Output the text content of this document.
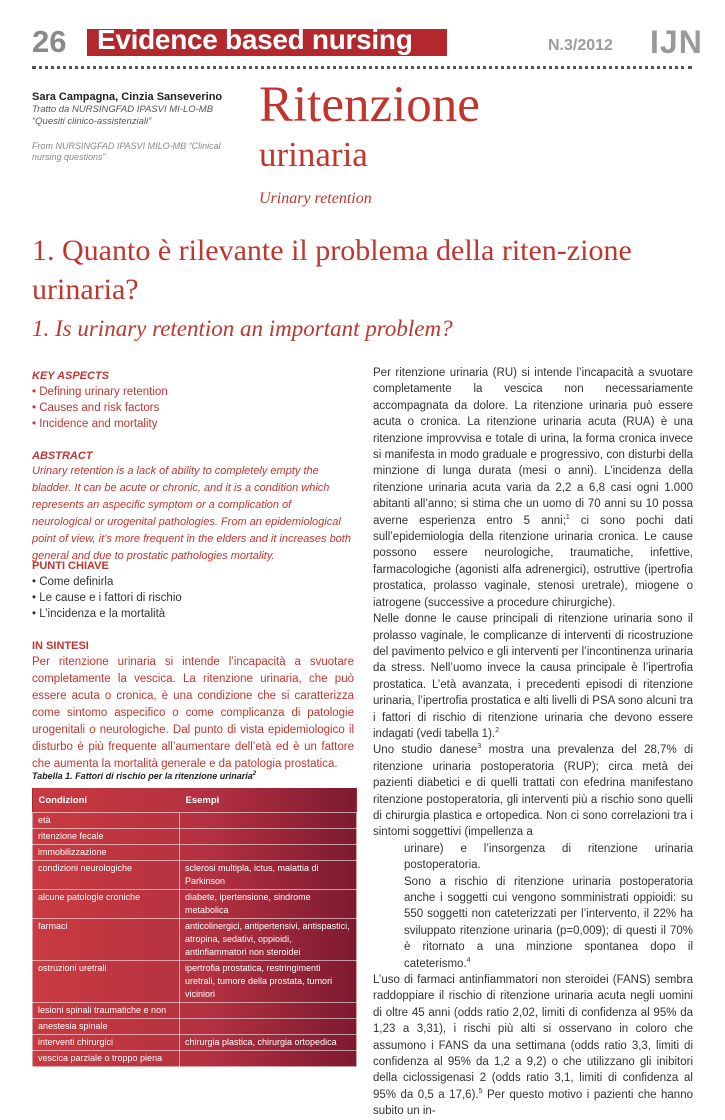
26 Evidence based nursing	N.3/2012 IJN
Sara Campagna, Cinzia Sanseverino
Tratto da NURSINGFAD IPASVI MI-LO-MB “Quesiti clinico-assistenziali”
From NURSINGFAD IPASVI MILO-MB “Clinical nursing questions”
Ritenzione
urinaria
Urinary retention
1. Quanto è rilevante il problema della riten-zione urinaria?
1. Is urinary retention an important problem?
KEY ASPECTS
• Defining urinary retention
• Causes and risk factors
• Incidence and mortality
ABSTRACT
Urinary retention is a lack of ability to completely empty the bladder. It can be acute or chronic, and it is a condition which represents an aspecific symptom or a complication of neurological or urogenital pathologies. From an epidemiological point of view, it’s more frequent in the elders and it increases both general and due to prostatic pathologies mortality.
PUNTI CHIAVE
• Come definirla
• Le cause e i fattori di rischio
• L’incidenza e la mortalità
IN SINTESI
Per ritenzione urinaria si intende l’incapacità a svuotare completamente la vescica. La ritenzione urinaria, che può essere acuta o cronica, è una condizione che si caratterizza come sintomo aspecifico o come complicanza di patologie urogenitali o neurologiche. Dal punto di vista epidemiologico il disturbo è più frequente all’aumentare dell’età ed è un fattore che aumenta la mortalità generale e da patologia prostatica.
Tabella 1. Fattori di rischio per la ritenzione urinaria$^2$
Condizioni	Esempi
età	
ritenzione fecale	
immobilizzazione	
condizioni neurologiche	sclerosi multipla, ictus, malattia di Parkinson
alcune patologie croniche	diabete, ipertensione, sindrome metabolica
farmaci	anticolinergici, antipertensivi, antispastici, atropina, sedativi, oppioidi, antinfiammatori non steroidei
ostruzioni uretrali	ipertrofia prostatica, restringimenti uretrali, tumore della prostata, tumori viciniori
lesioni spinali traumatiche e non	
anestesia spinale	
interventi chirurgici	chirurgia plastica, chirurgia ortopedica
vescica parziale o troppo piena	

Per ritenzione urinaria (RU) si intende l’incapacità a svuotare completamente la vescica non necessariamente accompagnata da dolore. La ritenzione urinaria può essere acuta o cronica. La ritenzione urinaria acuta (RUA) è una ritenzione improvvisa e totale di urina, la forma cronica invece si manifesta in modo graduale e progressivo, con disturbi della minzione di lunga durata (mesi o anni). L’incidenza della ritenzione urinaria acuta varia da 2,2 a 6,8 casi ogni 1.000 abitanti all’anno; si stima che un uomo di 70 anni su 10 possa averne esperienza entro 5 anni;$^1$ ci sono pochi dati sull’epidemiologia della ritenzione urinaria cronica. Le cause possono essere neurologiche, traumatiche, infettive, farmacologiche (agonisti alfa adrenergici), ostruttive (ipertrofia prostatica, prolasso vaginale, stenosi uretrale), miogene o iatrogene (successive a procedure chirurgiche).

Nelle donne le cause principali di ritenzione urinaria sono il prolasso vaginale, le complicanze di interventi di ricostruzione del pavimento pelvico e gli interventi per l’incontinenza urinaria da stress. Nell’uomo invece la causa principale è l’ipertrofia prostatica. L’età avanzata, i precedenti episodi di ritenzione urinaria, l’ipertrofia prostatica e alti livelli di PSA sono alcuni tra i fattori di rischio di ritenzione urinaria che devono essere indagati (vedi tabella 1).$^2$

Uno studio danese$^3$ mostra una prevalenza del 28,7% di ritenzione urinaria postoperatoria (RUP); circa metà dei pazienti diabetici e di quelli trattati con efedrina manifestano ritenzione postoperatoria, gli interventi più a rischio sono quelli di chirurgia plastica e ortopedica. Non ci sono correlazioni tra i sintomi soggettivi (impellenza a

urinare) e l’insorgenza di ritenzione urinaria postoperatoria.

Sono a rischio di ritenzione urinaria postoperatoria anche i soggetti cui vengono somministrati oppioidi: su 550 soggetti non cateterizzati per l’intervento, il 22% ha sviluppato ritenzione urinaria (p=0,009); di questi il 70% è ritornato a una minzione spontanea dopo il cateterismo.$^4$

L’uso di farmaci antinfiammatori non steroidei (FANS) sembra raddoppiare il rischio di ritenzione urinaria acuta negli uomini di oltre 45 anni (odds ratio 2,02, limiti di confidenza al 95% da 1,23 a 3,31), i rischi più alti si osservano in coloro che assumono i FANS da una settimana (odds ratio 3,3, limiti di confidenza al 95% da 1,2 a 9,2) o che utilizzano gli inibitori della ciclossigenasi 2 (odds ratio 3,1, limiti di confidenza al 95% da 0,5 a 17,6).$^5$ Per questo motivo i pazienti che hanno subito un in-
